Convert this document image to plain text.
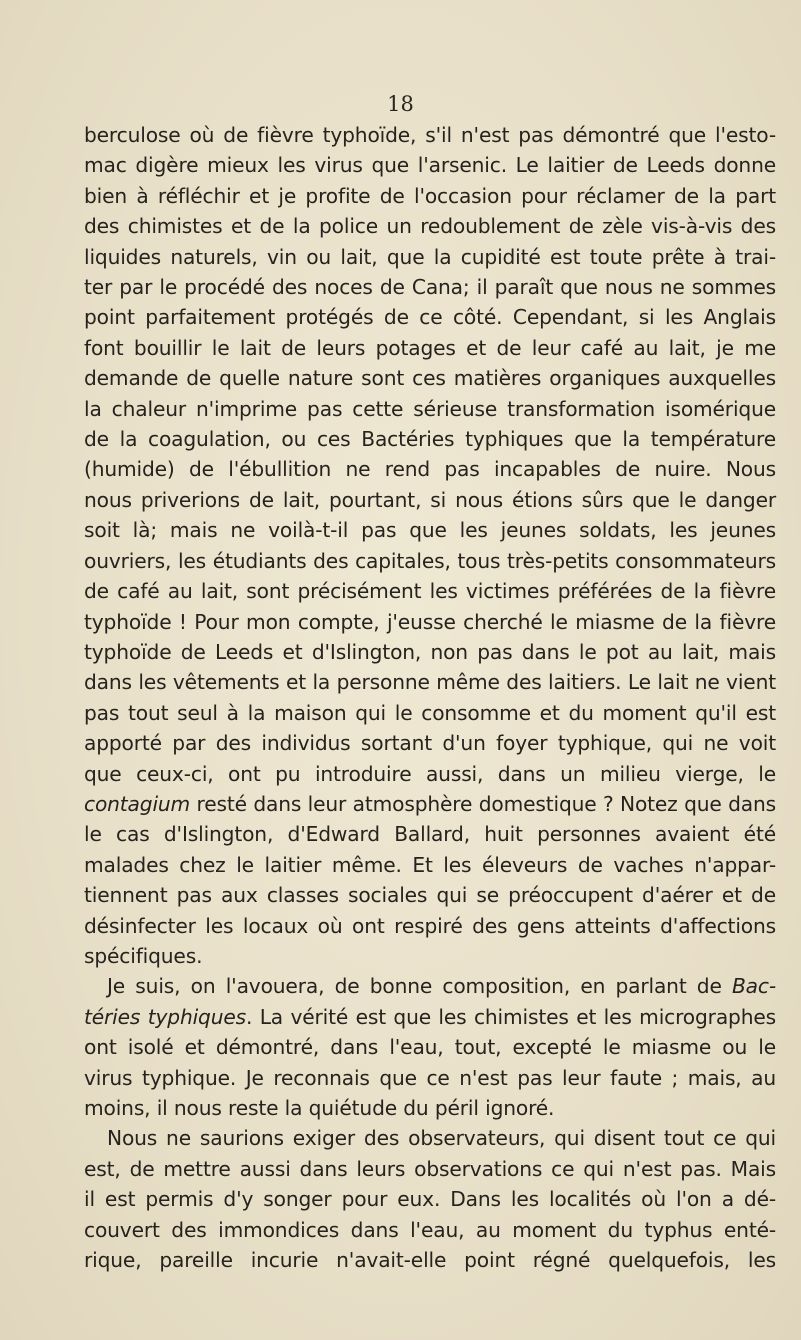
18
berculose où de fièvre typhoïde, s'il n'est pas démontré que l'esto-
mac digère mieux les virus que l'arsenic. Le laitier de Leeds donne
bien à réfléchir et je profite de l'occasion pour réclamer de la part
des chimistes et de la police un redoublement de zèle vis-à-vis des
liquides naturels, vin ou lait, que la cupidité est toute prête à trai-
ter par le procédé des noces de Cana; il paraît que nous ne sommes
point parfaitement protégés de ce côté. Cependant, si les Anglais
font bouillir le lait de leurs potages et de leur café au lait, je me
demande de quelle nature sont ces matières organiques auxquelles
la chaleur n'imprime pas cette sérieuse transformation isomérique
de la coagulation, ou ces Bactéries typhiques que la température
(humide) de l'ébullition ne rend pas incapables de nuire. Nous
nous priverions de lait, pourtant, si nous étions sûrs que le danger
soit là; mais ne voilà-t-il pas que les jeunes soldats, les jeunes
ouvriers, les étudiants des capitales, tous très-petits consommateurs
de café au lait, sont précisément les victimes préférées de la fièvre
typhoïde ! Pour mon compte, j'eusse cherché le miasme de la fièvre
typhoïde de Leeds et d'Islington, non pas dans le pot au lait, mais
dans les vêtements et la personne même des laitiers. Le lait ne vient
pas tout seul à la maison qui le consomme et du moment qu'il est
apporté par des individus sortant d'un foyer typhique, qui ne voit
que ceux-ci, ont pu introduire aussi, dans un milieu vierge, le
contagium resté dans leur atmosphère domestique ? Notez que dans
le cas d'Islington, d'Edward Ballard, huit personnes avaient été
malades chez le laitier même. Et les éleveurs de vaches n'appar-
tiennent pas aux classes sociales qui se préoccupent d'aérer et de
désinfecter les locaux où ont respiré des gens atteints d'affections
spécifiques.
Je suis, on l'avouera, de bonne composition, en parlant de Bac-
téries typhiques. La vérité est que les chimistes et les micrographes
ont isolé et démontré, dans l'eau, tout, excepté le miasme ou le
virus typhique. Je reconnais que ce n'est pas leur faute ; mais, au
moins, il nous reste la quiétude du péril ignoré.
Nous ne saurions exiger des observateurs, qui disent tout ce qui
est, de mettre aussi dans leurs observations ce qui n'est pas. Mais
il est permis d'y songer pour eux. Dans les localités où l'on a dé-
couvert des immondices dans l'eau, au moment du typhus enté-
rique, pareille incurie n'avait-elle point régné quelquefois, les
